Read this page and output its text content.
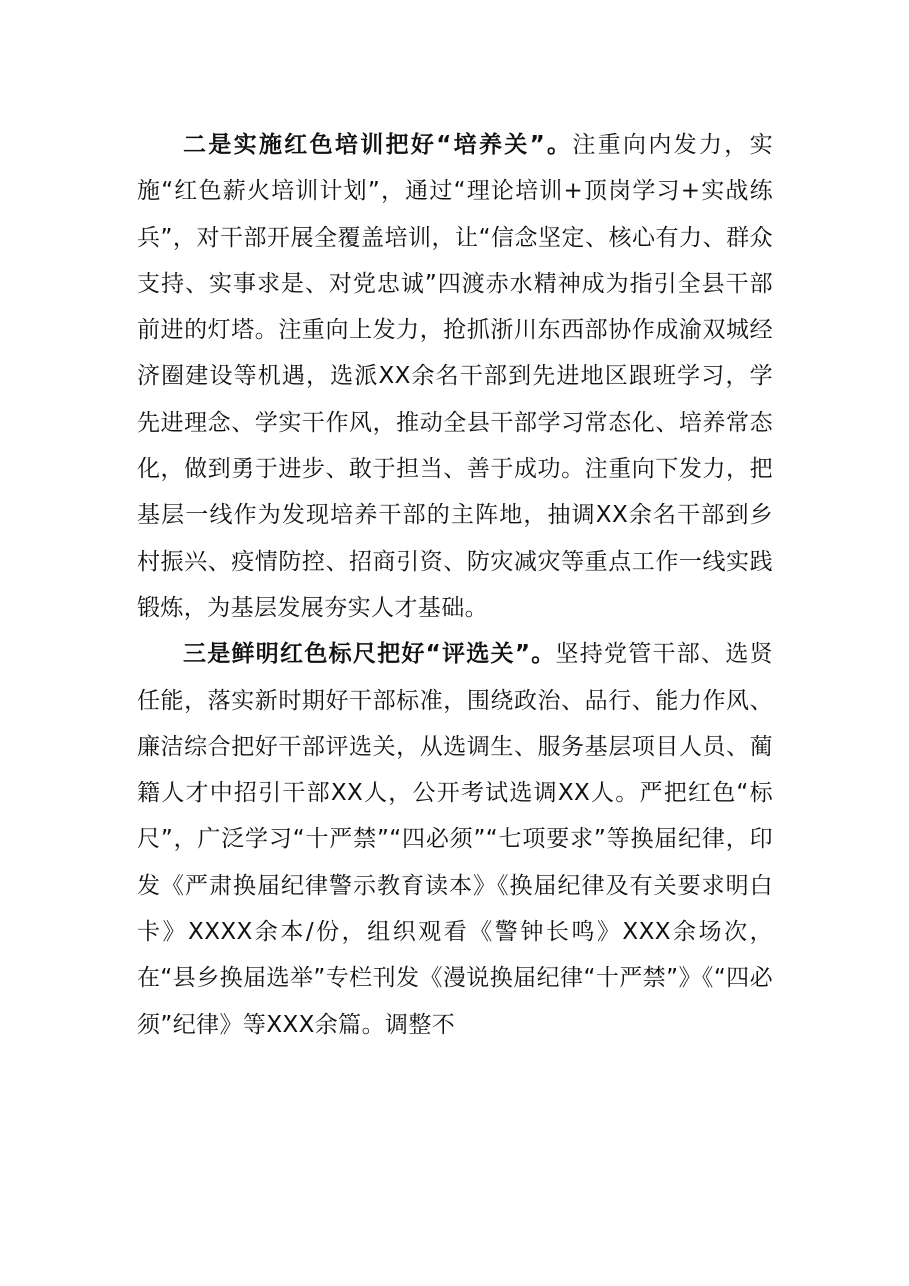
二是实施红色培训把好“培养关”。注重向内发力，实施“红色薪火培训计划”，通过“理论培训+顶岗学习+实战练兵”，对干部开展全覆盖培训，让“信念坚定、核心有力、群众支持、实事求是、对党忠诚”四渡赤水精神成为指引全县干部前进的灯塔。注重向上发力，抢抓浙川东西部协作成渝双城经济圈建设等机遇，选派XX余名干部到先进地区跟班学习，学先进理念、学实干作风，推动全县干部学习常态化、培养常态化，做到勇于进步、敢于担当、善于成功。注重向下发力，把基层一线作为发现培养干部的主阵地，抽调XX余名干部到乡村振兴、疫情防控、招商引资、防灾减灾等重点工作一线实践锻炼，为基层发展夯实人才基础。

三是鲜明红色标尺把好“评选关”。坚持党管干部、选贤任能，落实新时期好干部标准，围绕政治、品行、能力作风、廉洁综合把好干部评选关，从选调生、服务基层项目人员、蔺籍人才中招引干部XX人，公开考试选调XX人。严把红色“标尺”，广泛学习“十严禁”“四必须”“七项要求”等换届纪律，印发《严肃换届纪律警示教育读本》《换届纪律及有关要求明白卡》XXXX余本/份，组织观看《警钟长鸣》XXX余场次，在“县乡换届选举”专栏刊发《漫说换届纪律“十严禁”》《“四必须”纪律》等XXX余篇。调整不
